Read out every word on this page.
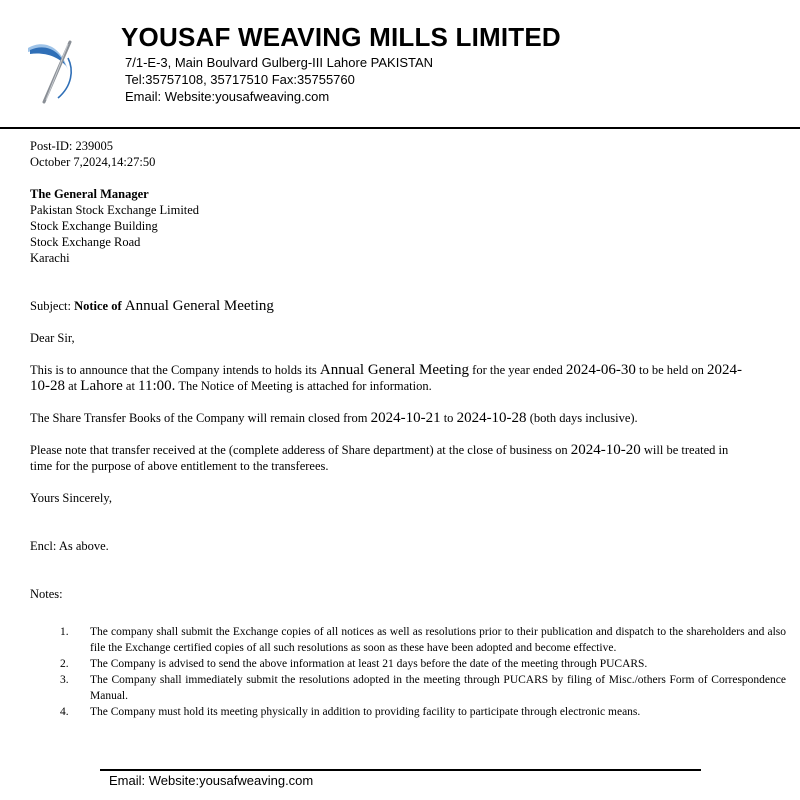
YOUSAF WEAVING MILLS LIMITED
7/1-E-3, Main Boulvard Gulberg-III Lahore PAKISTAN
Tel:35757108, 35717510 Fax:35755760
Email: Website:yousafweaving.com
Post-ID: 239005
October 7,2024,14:27:50
The General Manager
Pakistan Stock Exchange Limited
Stock Exchange Building
Stock Exchange Road
Karachi
Subject: Notice of Annual General Meeting
Dear Sir,
This is to announce that the Company intends to holds its Annual General Meeting for the year ended 2024-06-30 to be held on 2024-
10-28 at Lahore at 11:00. The Notice of Meeting is attached for information.
The Share Transfer Books of the Company will remain closed from 2024-10-21 to 2024-10-28 (both days inclusive).
Please note that transfer received at the (complete adderess of Share department) at the close of business on 2024-10-20 will be treated in
time for the purpose of above entitlement to the transferees.
Yours Sincerely,
Encl: As above.
Notes:
1.	The company shall submit the Exchange copies of all notices as well as resolutions prior to their publication and dispatch to the shareholders and also file the Exchange certified copies of all such resolutions as soon as these have been adopted and become effective.
2.	The Company is advised to send the above information at least 21 days before the date of the meeting through PUCARS.
3.	The Company shall immediately submit the resolutions adopted in the meeting through PUCARS by filing of Misc./others Form of Correspondence Manual.
4.	The Company must hold its meeting physically in addition to providing facility to participate through electronic means.
Email: Website:yousafweaving.com
